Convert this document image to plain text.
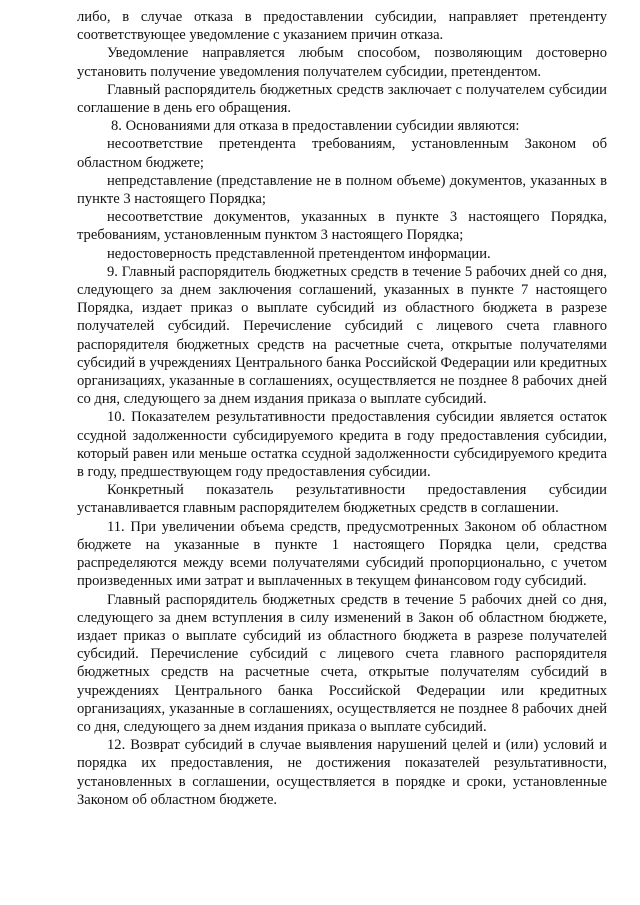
либо, в случае отказа в предоставлении субсидии, направляет претенденту соответствующее уведомление с указанием причин отказа.

Уведомление направляется любым способом, позволяющим достоверно установить получение уведомления получателем субсидии, претендентом.

Главный распорядитель бюджетных средств заключает с получателем субсидии соглашение в день его обращения.

8. Основаниями для отказа в предоставлении субсидии являются:

несоответствие претендента требованиям, установленным Законом об областном бюджете;

непредставление (представление не в полном объеме) документов, указанных в пункте 3 настоящего Порядка;

несоответствие документов, указанных в пункте 3 настоящего Порядка, требованиям, установленным пунктом 3 настоящего Порядка;

недостоверность представленной претендентом информации.

9. Главный распорядитель бюджетных средств в течение 5 рабочих дней со дня, следующего за днем заключения соглашений, указанных в пункте 7 настоящего Порядка, издает приказ о выплате субсидий из областного бюджета в разрезе получателей субсидий. Перечисление субсидий с лицевого счета главного распорядителя бюджетных средств на расчетные счета, открытые получателями субсидий в учреждениях Центрального банка Российской Федерации или кредитных организациях, указанные в соглашениях, осуществляется не позднее 8 рабочих дней со дня, следующего за днем издания приказа о выплате субсидий.

10. Показателем результативности предоставления субсидии является остаток ссудной задолженности субсидируемого кредита в году предоставления субсидии, который равен или меньше остатка ссудной задолженности субсидируемого кредита в году, предшествующем году предоставления субсидии.

Конкретный показатель результативности предоставления субсидии устанавливается главным распорядителем бюджетных средств в соглашении.

11. При увеличении объема средств, предусмотренных Законом об областном бюджете на указанные в пункте 1 настоящего Порядка цели, средства распределяются между всеми получателями субсидий пропорционально, с учетом произведенных ими затрат и выплаченных в текущем финансовом году субсидий.

Главный распорядитель бюджетных средств в течение 5 рабочих дней со дня, следующего за днем вступления в силу изменений в Закон об областном бюджете, издает приказ о выплате субсидий из областного бюджета в разрезе получателей субсидий. Перечисление субсидий с лицевого счета главного распорядителя бюджетных средств на расчетные счета, открытые получателям субсидий в учреждениях Центрального банка Российской Федерации или кредитных организациях, указанные в соглашениях, осуществляется не позднее 8 рабочих дней со дня, следующего за днем издания приказа о выплате субсидий.

12. Возврат субсидий в случае выявления нарушений целей и (или) условий и порядка их предоставления, не достижения показателей результативности, установленных в соглашении, осуществляется в порядке и сроки, установленные Законом об областном бюджете.
